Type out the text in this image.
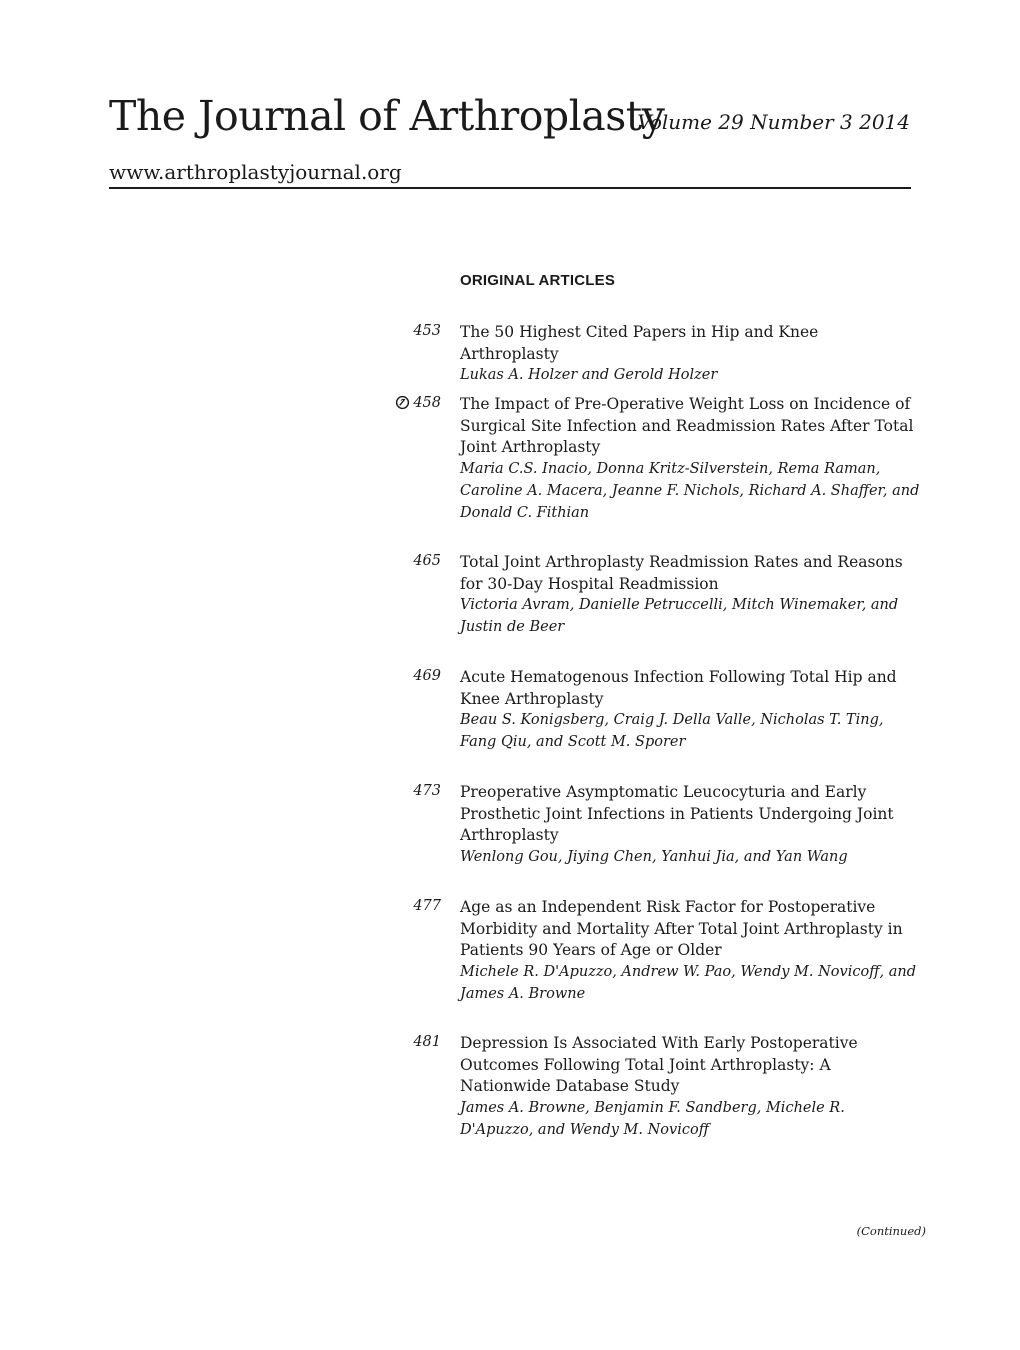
The Journal of Arthroplasty
Volume 29 Number 3 2014
www.arthroplastyjournal.org
ORIGINAL ARTICLES
453 The 50 Highest Cited Papers in Hip and Knee Arthroplasty

Lukas A. Holzer and Gerold Holzer

458 The Impact of Pre-Operative Weight Loss on Incidence of Surgical Site Infection and Readmission Rates After Total Joint Arthroplasty

Maria C.S. Inacio, Donna Kritz-Silverstein, Rema Raman, Caroline A. Macera, Jeanne F. Nichols, Richard A. Shaffer, and Donald C. Fithian

465 Total Joint Arthroplasty Readmission Rates and Reasons for 30-Day Hospital Readmission

Victoria Avram, Danielle Petruccelli, Mitch Winemaker, and Justin de Beer

469 Acute Hematogenous Infection Following Total Hip and Knee Arthroplasty

Beau S. Konigsberg, Craig J. Della Valle, Nicholas T. Ting, Fang Qiu, and Scott M. Sporer

473 Preoperative Asymptomatic Leucocyturia and Early Prosthetic Joint Infections in Patients Undergoing Joint Arthroplasty

Wenlong Gou, Jiying Chen, Yanhui Jia, and Yan Wang

477 Age as an Independent Risk Factor for Postoperative Morbidity and Mortality After Total Joint Arthroplasty in Patients 90 Years of Age or Older

Michele R. D'Apuzzo, Andrew W. Pao, Wendy M. Novicoff, and James A. Browne

481 Depression Is Associated With Early Postoperative Outcomes Following Total Joint Arthroplasty: A Nationwide Database Study

James A. Browne, Benjamin F. Sandberg, Michele R. D'Apuzzo, and Wendy M. Novicoff

(Continued)
